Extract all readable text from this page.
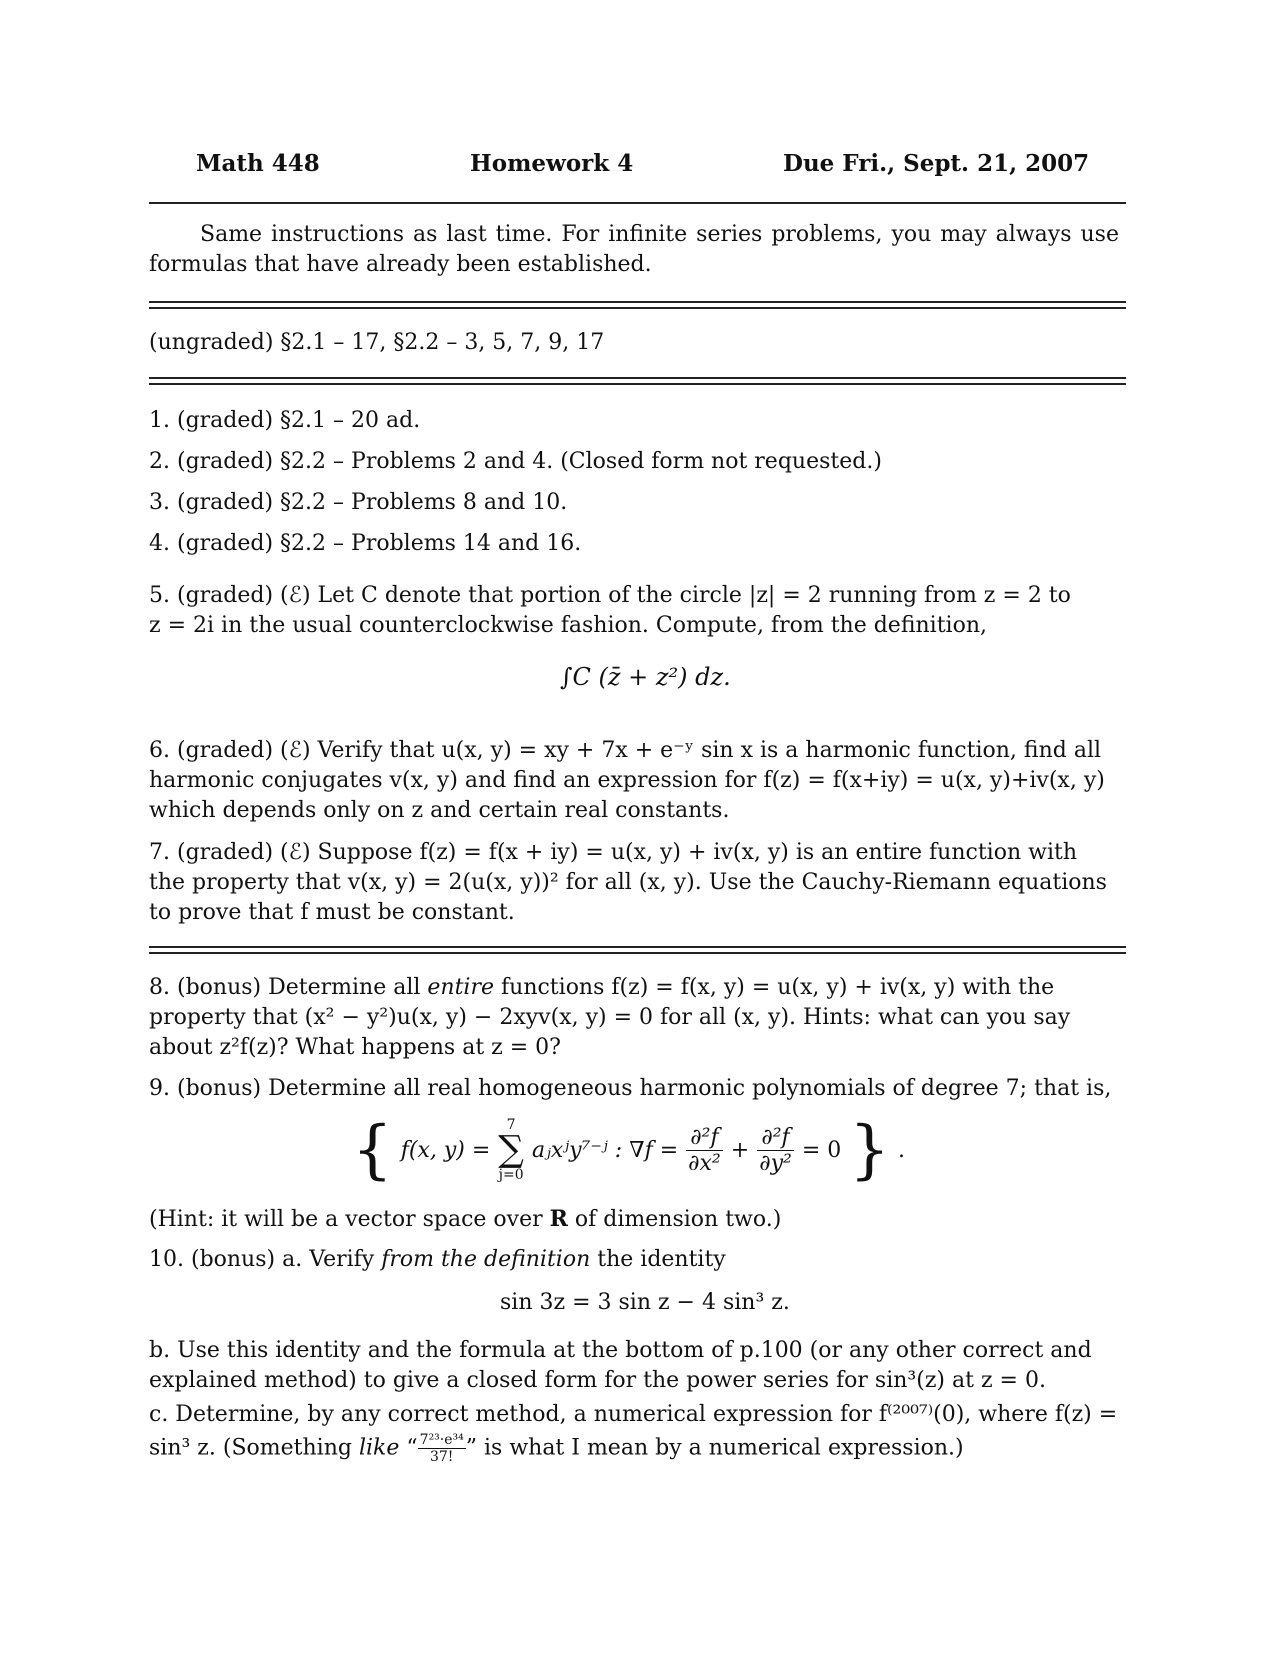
Math 448	Homework 4	Due Fri., Sept. 21, 2007
Same instructions as last time. For infinite series problems, you may always use
formulas that have already been established.
(ungraded) §2.1 – 17, §2.2 – 3, 5, 7, 9, 17
1. (graded) §2.1 – 20 ad.
2. (graded) §2.2 – Problems 2 and 4. (Closed form not requested.)
3. (graded) §2.2 – Problems 8 and 10.
4. (graded) §2.2 – Problems 14 and 16.
5. (graded) (ℰ) Let C denote that portion of the circle |z| = 2 running from z = 2 to
z = 2i in the usual counterclockwise fashion. Compute, from the definition,
∫C (z̄ + z²) dz.
6. (graded) (ℰ) Verify that u(x, y) = xy + 7x + e⁻ʸ sin x is a harmonic function, find all
harmonic conjugates v(x, y) and find an expression for f(z) = f(x+iy) = u(x, y)+iv(x, y)
which depends only on z and certain real constants.
7. (graded) (ℰ) Suppose f(z) = f(x + iy) = u(x, y) + iv(x, y) is an entire function with
the property that v(x, y) = 2(u(x, y))² for all (x, y). Use the Cauchy-Riemann equations
to prove that f must be constant.
8. (bonus) Determine all entire functions f(z) = f(x, y) = u(x, y) + iv(x, y) with the
property that (x² − y²)u(x, y) − 2xyv(x, y) = 0 for all (x, y). Hints: what can you say
about z²f(z)? What happens at z = 0?
9. (bonus) Determine all real homogeneous harmonic polynomials of degree 7; that is,
{ f(x, y) =
7
∑
j=0
aⱼxʲy⁷⁻ʲ : $\nabla f = \frac{\text{∂²f}}{\text{∂x²}} + \frac{\text{∂²f}}{\text{∂y²}} = 0$ } .
(Hint: it will be a vector space over R of dimension two.)
10. (bonus) a. Verify from the definition the identity
sin 3z = 3 sin z − 4 sin³ z.
b. Use this identity and the formula at the bottom of p.100 (or any other correct and
explained method) to give a closed form for the power series for sin³(z) at z = 0.
c. Determine, by any correct method, a numerical expression for f⁽²⁰⁰⁷⁾(0), where f(z) =
sin³ z. (Something like “ $\frac{\text{7²³·e³⁴}}{37!}$ ” is what I mean by a numerical expression.)
